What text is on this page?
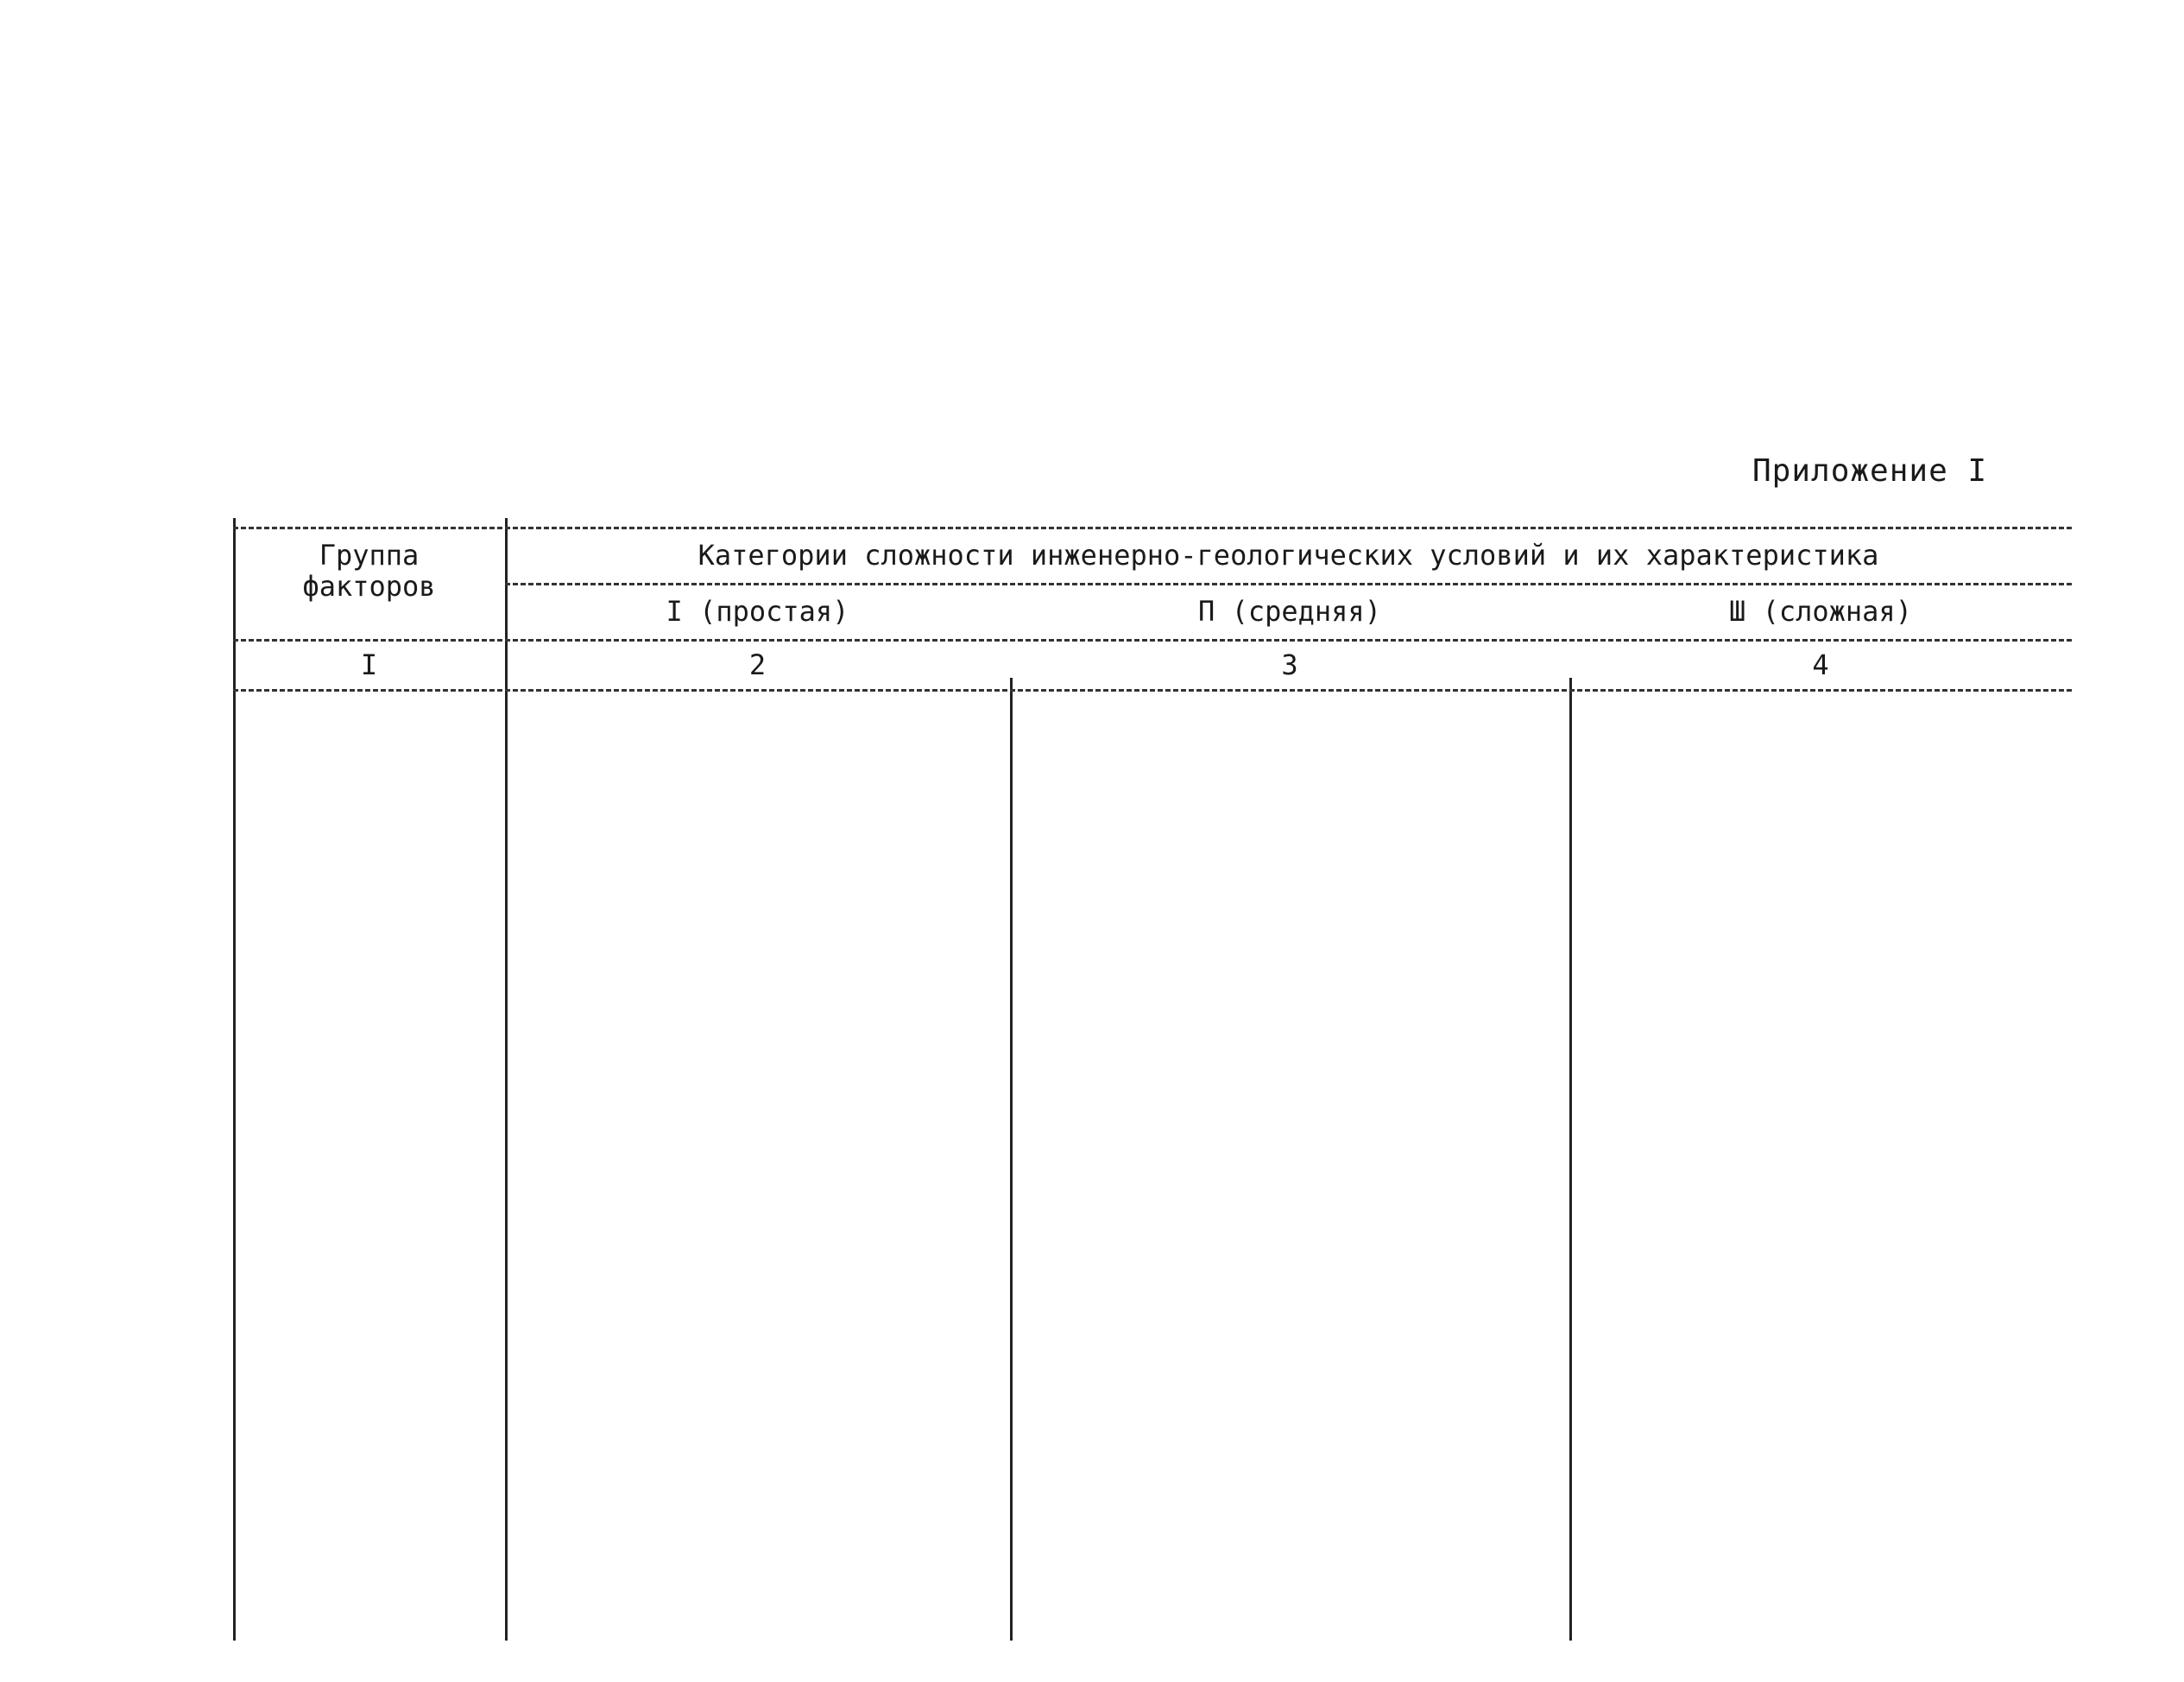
Приложение I
Группа
факторов
Категории сложности инженерно-геологических условий и их характеристика
I (простая)	П (средняя)	Ш (сложная)
I	2	3	4
